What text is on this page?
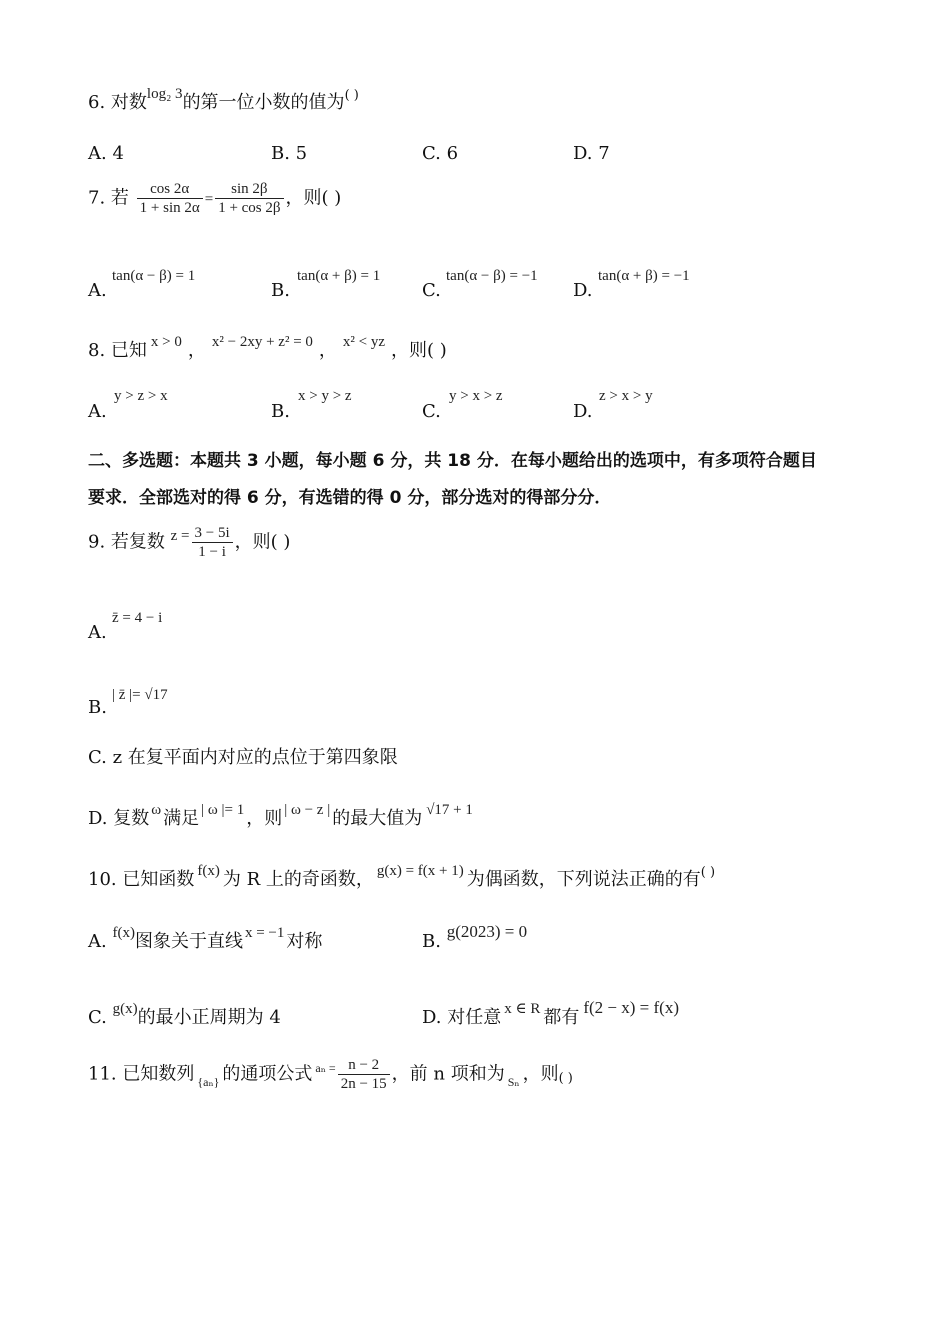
6. 对数$^{log_2 3}$的第一位小数的值为( )
A. 4	B. 5	C. 6	D. 7
7. 若 $\frac{\cos 2\alpha}{1 + \sin 2\alpha} = \frac{\sin 2\beta}{1 + \cos 2\beta}$ ，则( )
A.
tan(α − β) = 1
B.
tan(α + β) = 1
C.
tan(α − β) = −1
D.
tan(α + β) = −1
8. 已知 $^{x > 0}$ ， $^{x^2 - 2xy + z^2 = 0}$ ， $^{x^2 < yz}$ ，则( )
A.
y > z > x
B.
x > y > z
C.
y > x > z
D.
z > x > y
二、多选题：本题共 3 小题，每小题 6 分，共 18 分．在每小题给出的选项中，有多项符合题目
要求．全部选对的得 6 分，有选错的得 0 分，部分选对的得部分分．
9. 若复数 $^{z =} \frac{3 - 5i}{1 - i}$ ，则( )
A.
z̄ = 4 − i
B.
| z̄ |= √17
C. z 在复平面内对应的点位于第四象限
D. 复数 $^\omega$ 满足 $^{| \omega |= 1}$ ，则 $^{| \omega - z |}$ 的最大值为 $^{√17 + 1}$
10. 已知函数 $^{f(x)}$ 为 R 上的奇函数， $^{g(x) = f(x + 1)}$ 为偶函数，下列说法正确的有( )
A. $^{f(x)}$图象关于直线 $^{x = -1}$ 对称	B. g(2023) = 0
C. $^{g(x)}$的最小正周期为 4	D. 对任意 $^{x \in R}$ 都有 f(2 − x) = f(x)
11. 已知数列 $_{\{a_n\}}$ 的通项公式 $^{a_n =} \frac{n - 2}{2n - 15}$ ，前 n 项和为 $_{S_n}$ ，则( )
